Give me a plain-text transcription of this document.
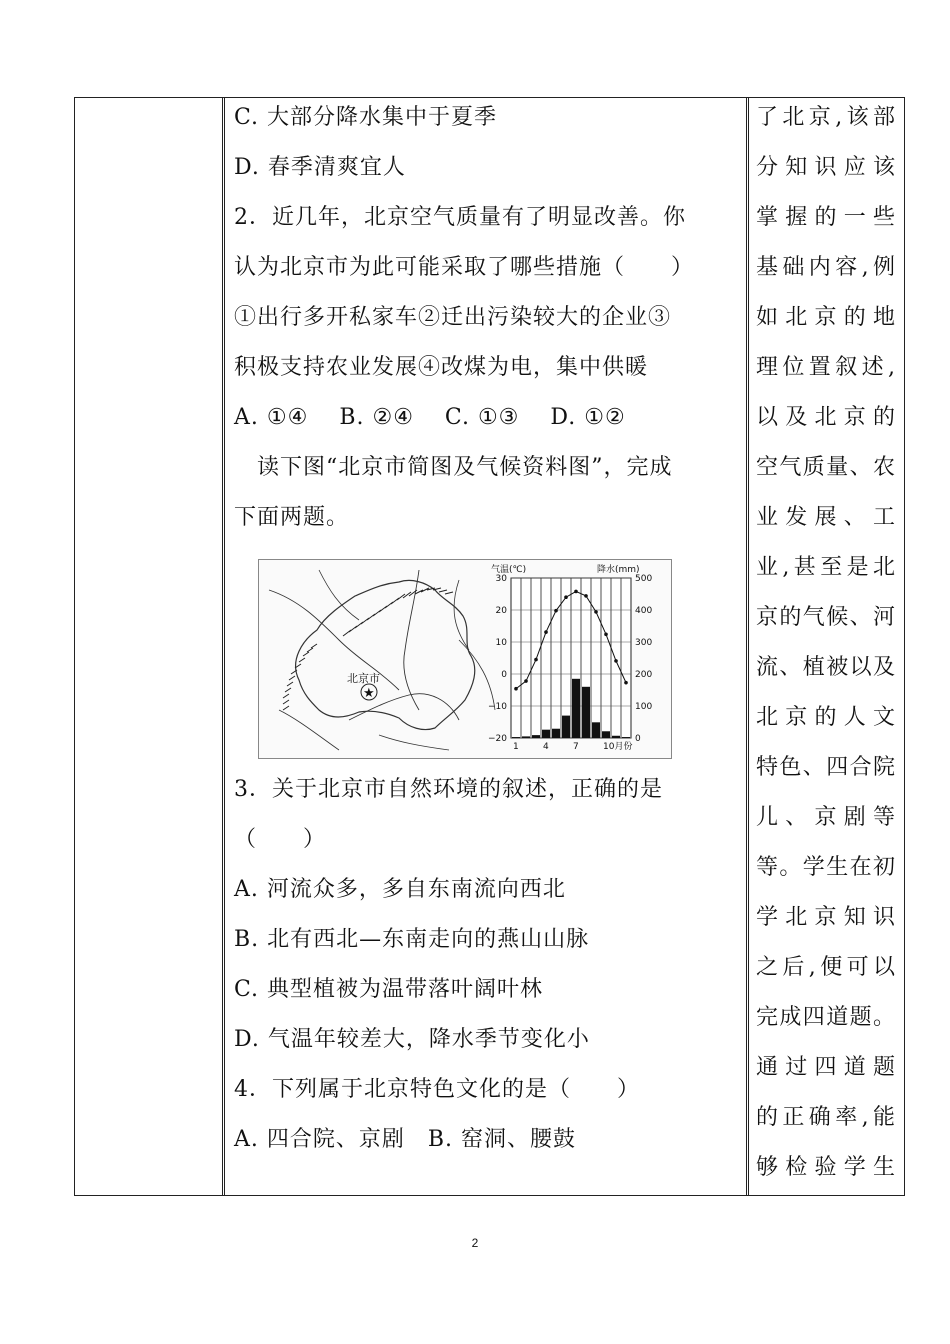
C. 大部分降水集中于夏季
D. 春季清爽宜人
2．近几年，北京空气质量有了明显改善。你
认为北京市为此可能采取了哪些措施（　　）
①出行多开私家车②迁出污染较大的企业③
积极支持农业发展④改煤为电，集中供暖
A. ①④　 B. ②④　 C. ①③　 D. ①②
　读下图“北京市简图及气候资料图”，完成
下面两题。
3．关于北京市自然环境的叙述，正确的是
（　　）
A. 河流众多，多自东南流向西北
B. 北有西北—东南走向的燕山山脉
C. 典型植被为温带落叶阔叶林
D. 气温年较差大，降水季节变化小
4．下列属于北京特色文化的是（　　）
A. 四合院、京剧　B. 窑洞、腰鼓
了北京,该部
分知识应该
掌握的一些
基础内容,例
如北京的地
理位置叙述,
以及北京的
空气质量、农
业发展、工
业,甚至是北
京的气候、河
流、植被以及
北京的人文
特色、四合院
儿、京剧等
等。学生在初
学北京知识
之后,便可以
完成四道题。
通过四道题
的正确率,能
够检验学生
★
北京市
气温(℃)	降水(mm)
30
20
10
0
−10
−20
500
400
300
200
100
0
1	4	7	10月份
2
